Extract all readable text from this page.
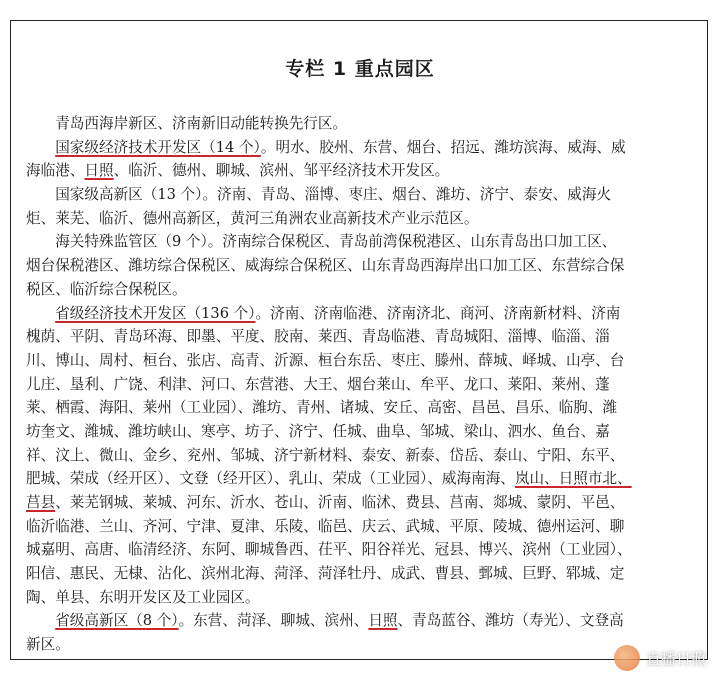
专栏 1 重点园区
　　青岛西海岸新区、济南新旧动能转换先行区。
　　国家级经济技术开发区（14 个）。明水、胶州、东营、烟台、招远、潍坊滨海、威海、威
海临港、日照、临沂、德州、聊城、滨州、邹平经济技术开发区。
　　国家级高新区（13 个）。济南、青岛、淄博、枣庄、烟台、潍坊、济宁、泰安、威海火
炬、莱芜、临沂、德州高新区，黄河三角洲农业高新技术产业示范区。
　　海关特殊监管区（9 个）。济南综合保税区、青岛前湾保税港区、山东青岛出口加工区、
烟台保税港区、潍坊综合保税区、威海综合保税区、山东青岛西海岸出口加工区、东营综合保
税区、临沂综合保税区。
　　省级经济技术开发区（136 个）。济南、济南临港、济南济北、商河、济南新材料、济南
槐荫、平阴、青岛环海、即墨、平度、胶南、莱西、青岛临港、青岛城阳、淄博、临淄、淄
川、博山、周村、桓台、张店、高青、沂源、桓台东岳、枣庄、滕州、薛城、峄城、山亭、台
儿庄、垦利、广饶、利津、河口、东营港、大王、烟台莱山、牟平、龙口、莱阳、莱州、蓬
莱、栖霞、海阳、莱州（工业园）、潍坊、青州、诸城、安丘、高密、昌邑、昌乐、临朐、潍
坊奎文、潍城、潍坊峡山、寒亭、坊子、济宁、任城、曲阜、邹城、梁山、泗水、鱼台、嘉
祥、汶上、微山、金乡、兖州、邹城、济宁新材料、泰安、新泰、岱岳、泰山、宁阳、东平、
肥城、荣成（经开区）、文登（经开区）、乳山、荣成（工业园）、威海南海、岚山、日照市北、
莒县、莱芜钢城、莱城、河东、沂水、苍山、沂南、临沭、费县、莒南、郯城、蒙阴、平邑、
临沂临港、兰山、齐河、宁津、夏津、乐陵、临邑、庆云、武城、平原、陵城、德州运河、聊
城嘉明、高唐、临清经济、东阿、聊城鲁西、茌平、阳谷祥光、冠县、博兴、滨州（工业园）、
阳信、惠民、无棣、沾化、滨州北海、菏泽、菏泽牡丹、成武、曹县、鄄城、巨野、郓城、定
陶、单县、东明开发区及工业园区。
　　省级高新区（8 个）。东营、菏泽、聊城、滨州、日照、青岛蓝谷、潍坊（寿光）、文登高
新区。
直播日照
